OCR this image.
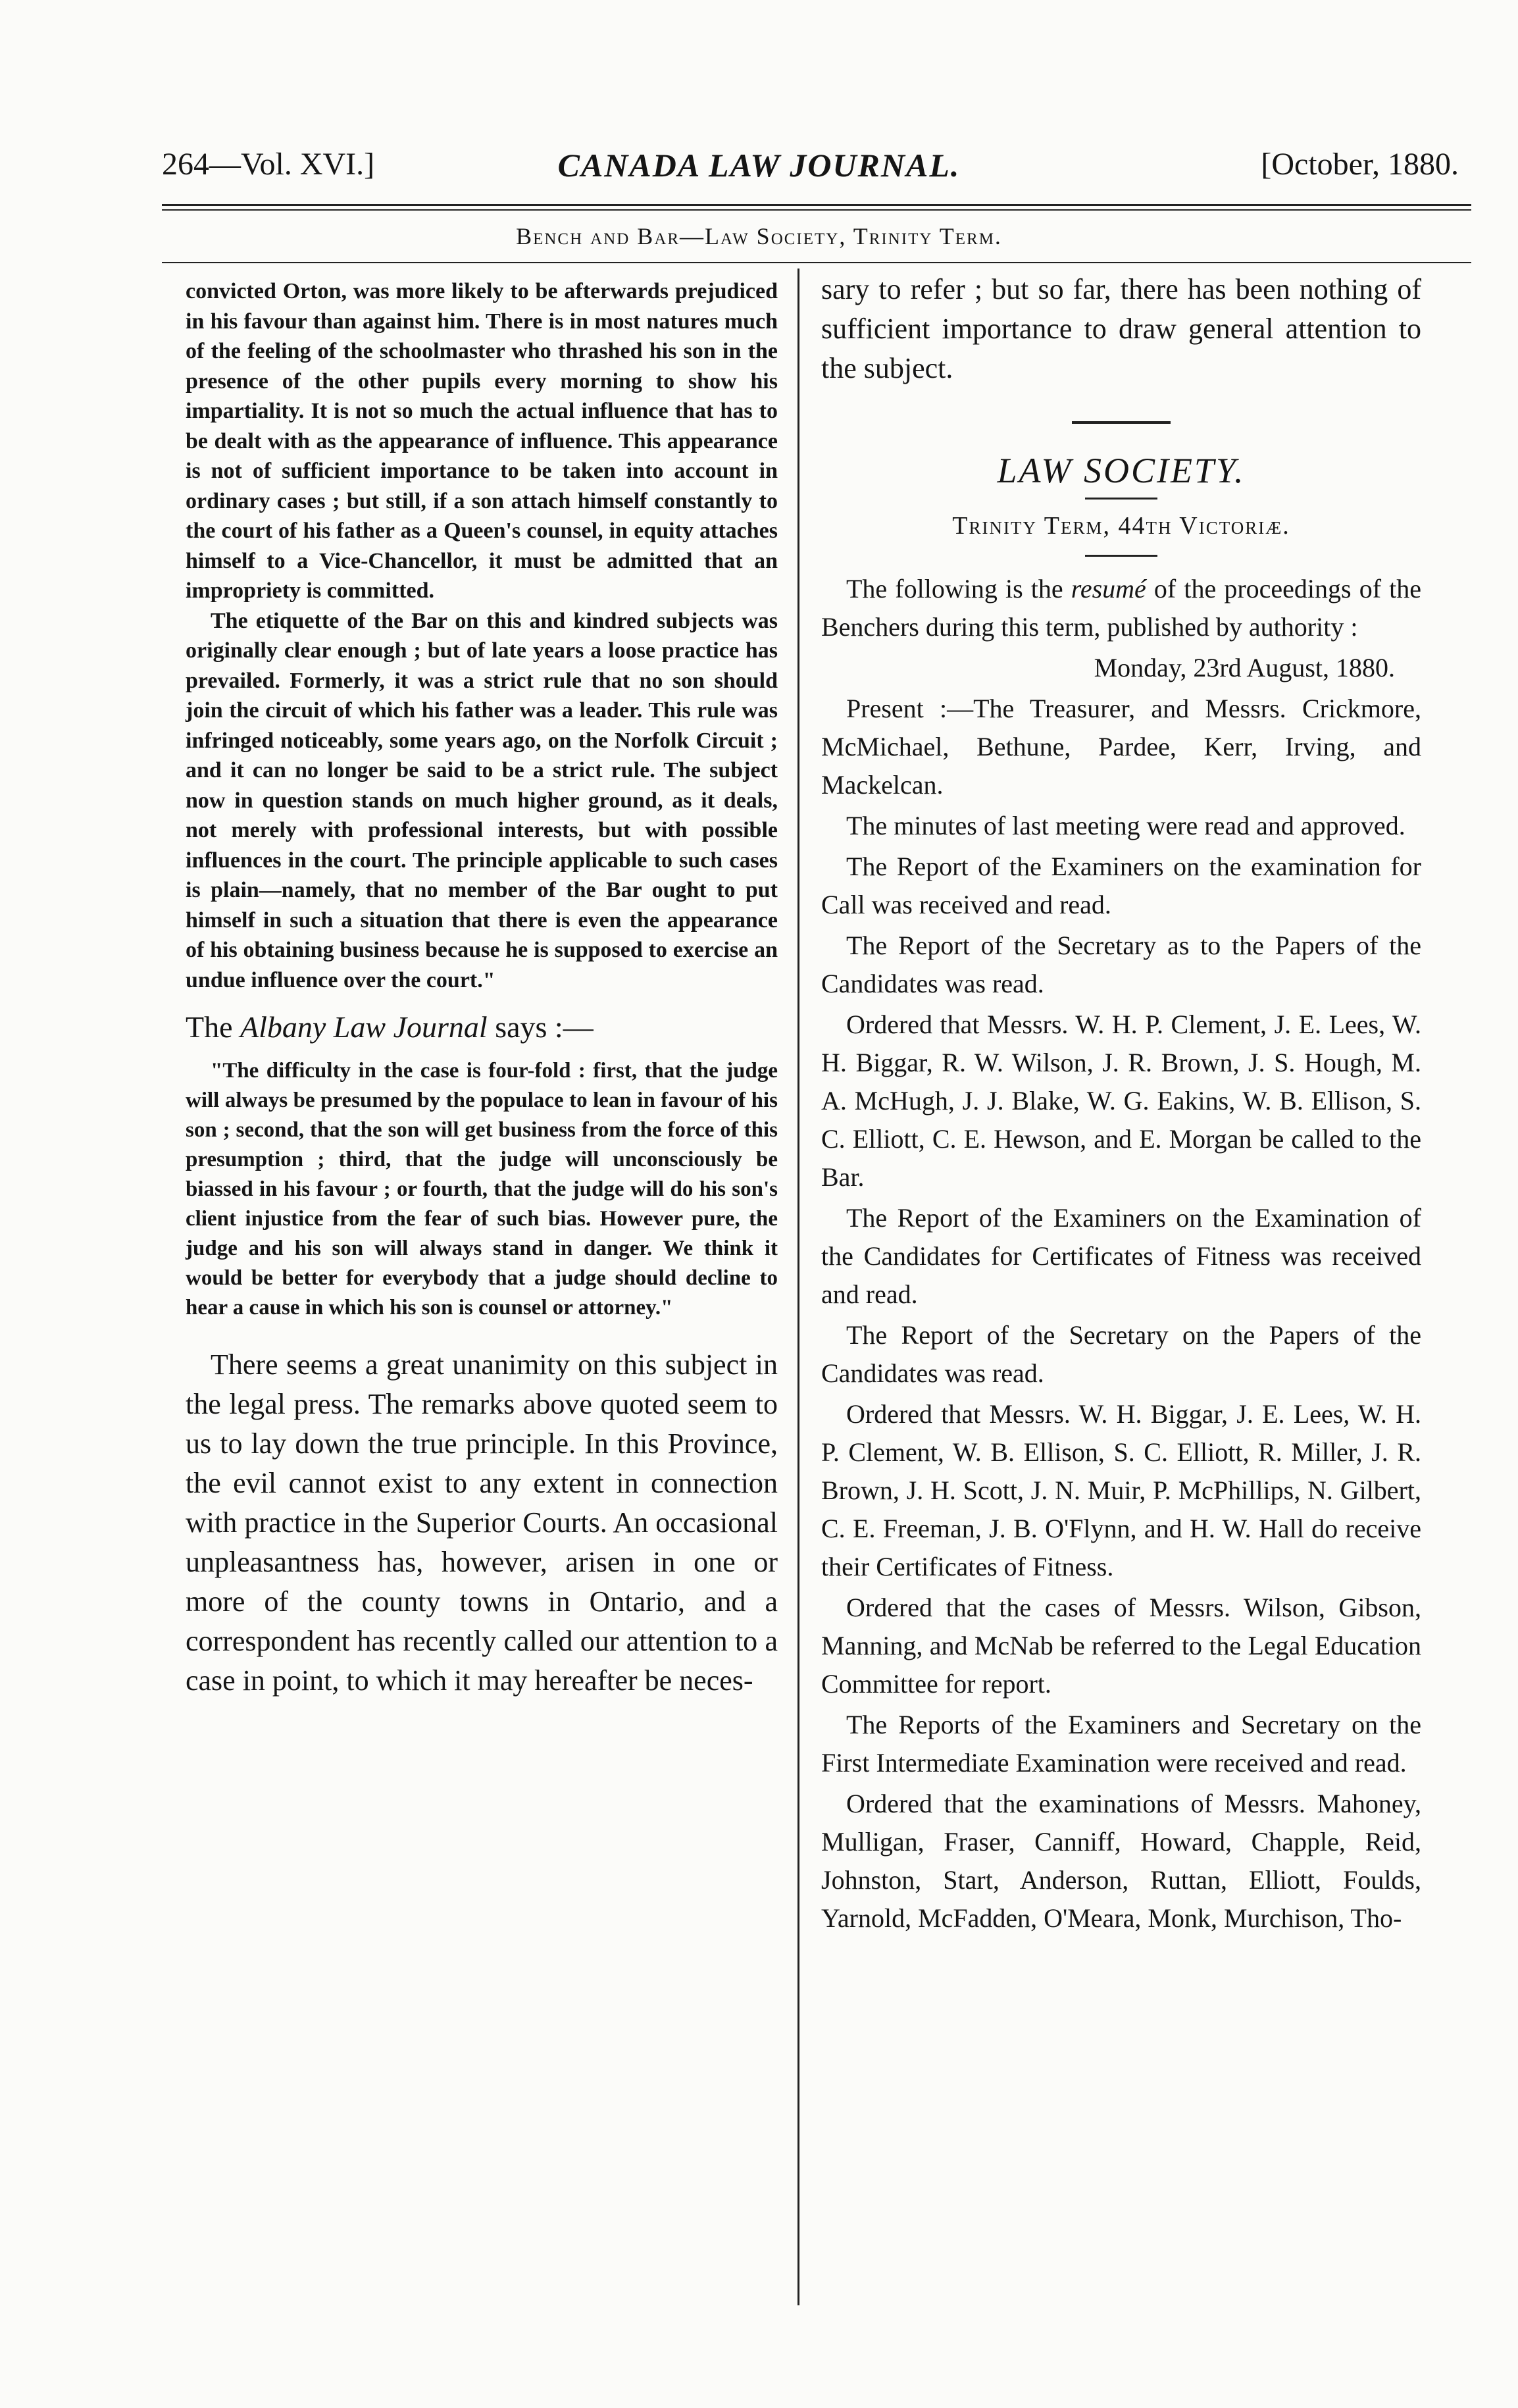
264—Vol. XVI.]	CANADA LAW JOURNAL.	[October, 1880.
Bench and Bar—Law Society, Trinity Term.

convicted Orton, was more likely to be afterwards prejudiced in his favour than against him. There is in most natures much of the feeling of the schoolmaster who thrashed his son in the presence of the other pupils every morning to show his impartiality. It is not so much the actual influence that has to be dealt with as the appearance of influence. This appearance is not of sufficient importance to be taken into account in ordinary cases ; but still, if a son attach himself constantly to the court of his father as a Queen's counsel, in equity attaches himself to a Vice-Chancellor, it must be admitted that an impropriety is committed.

The etiquette of the Bar on this and kindred subjects was originally clear enough ; but of late years a loose practice has prevailed. Formerly, it was a strict rule that no son should join the circuit of which his father was a leader. This rule was infringed noticeably, some years ago, on the Norfolk Circuit ; and it can no longer be said to be a strict rule. The subject now in question stands on much higher ground, as it deals, not merely with professional interests, but with possible influences in the court. The principle applicable to such cases is plain—namely, that no member of the Bar ought to put himself in such a situation that there is even the appearance of his obtaining business because he is supposed to exercise an undue influence over the court."

The Albany Law Journal says :—

"The difficulty in the case is four-fold : first, that the judge will always be presumed by the populace to lean in favour of his son ; second, that the son will get business from the force of this presumption ; third, that the judge will unconsciously be biassed in his favour ; or fourth, that the judge will do his son's client injustice from the fear of such bias. However pure, the judge and his son will always stand in danger. We think it would be better for everybody that a judge should decline to hear a cause in which his son is counsel or attorney."

There seems a great unanimity on this subject in the legal press. The remarks above quoted seem to us to lay down the true principle. In this Province, the evil cannot exist to any extent in connection with practice in the Superior Courts. An occasional unpleasantness has, however, arisen in one or more of the county towns in Ontario, and a correspondent has recently called our attention to a case in point, to which it may hereafter be neces-

sary to refer ; but so far, there has been nothing of sufficient importance to draw general attention to the subject.

LAW SOCIETY.
Trinity Term, 44th Victoriæ.

The following is the resumé of the proceedings of the Benchers during this term, published by authority :

Monday, 23rd August, 1880.

Present :—The Treasurer, and Messrs. Crickmore, McMichael, Bethune, Pardee, Kerr, Irving, and Mackelcan.

The minutes of last meeting were read and approved.

The Report of the Examiners on the examination for Call was received and read.

The Report of the Secretary as to the Papers of the Candidates was read.

Ordered that Messrs. W. H. P. Clement, J. E. Lees, W. H. Biggar, R. W. Wilson, J. R. Brown, J. S. Hough, M. A. McHugh, J. J. Blake, W. G. Eakins, W. B. Ellison, S. C. Elliott, C. E. Hewson, and E. Morgan be called to the Bar.

The Report of the Examiners on the Examination of the Candidates for Certificates of Fitness was received and read.

The Report of the Secretary on the Papers of the Candidates was read.

Ordered that Messrs. W. H. Biggar, J. E. Lees, W. H. P. Clement, W. B. Ellison, S. C. Elliott, R. Miller, J. R. Brown, J. H. Scott, J. N. Muir, P. McPhillips, N. Gilbert, C. E. Freeman, J. B. O'Flynn, and H. W. Hall do receive their Certificates of Fitness.

Ordered that the cases of Messrs. Wilson, Gibson, Manning, and McNab be referred to the Legal Education Committee for report.

The Reports of the Examiners and Secretary on the First Intermediate Examination were received and read.

Ordered that the examinations of Messrs. Mahoney, Mulligan, Fraser, Canniff, Howard, Chapple, Reid, Johnston, Start, Anderson, Ruttan, Elliott, Foulds, Yarnold, McFadden, O'Meara, Monk, Murchison, Tho-
